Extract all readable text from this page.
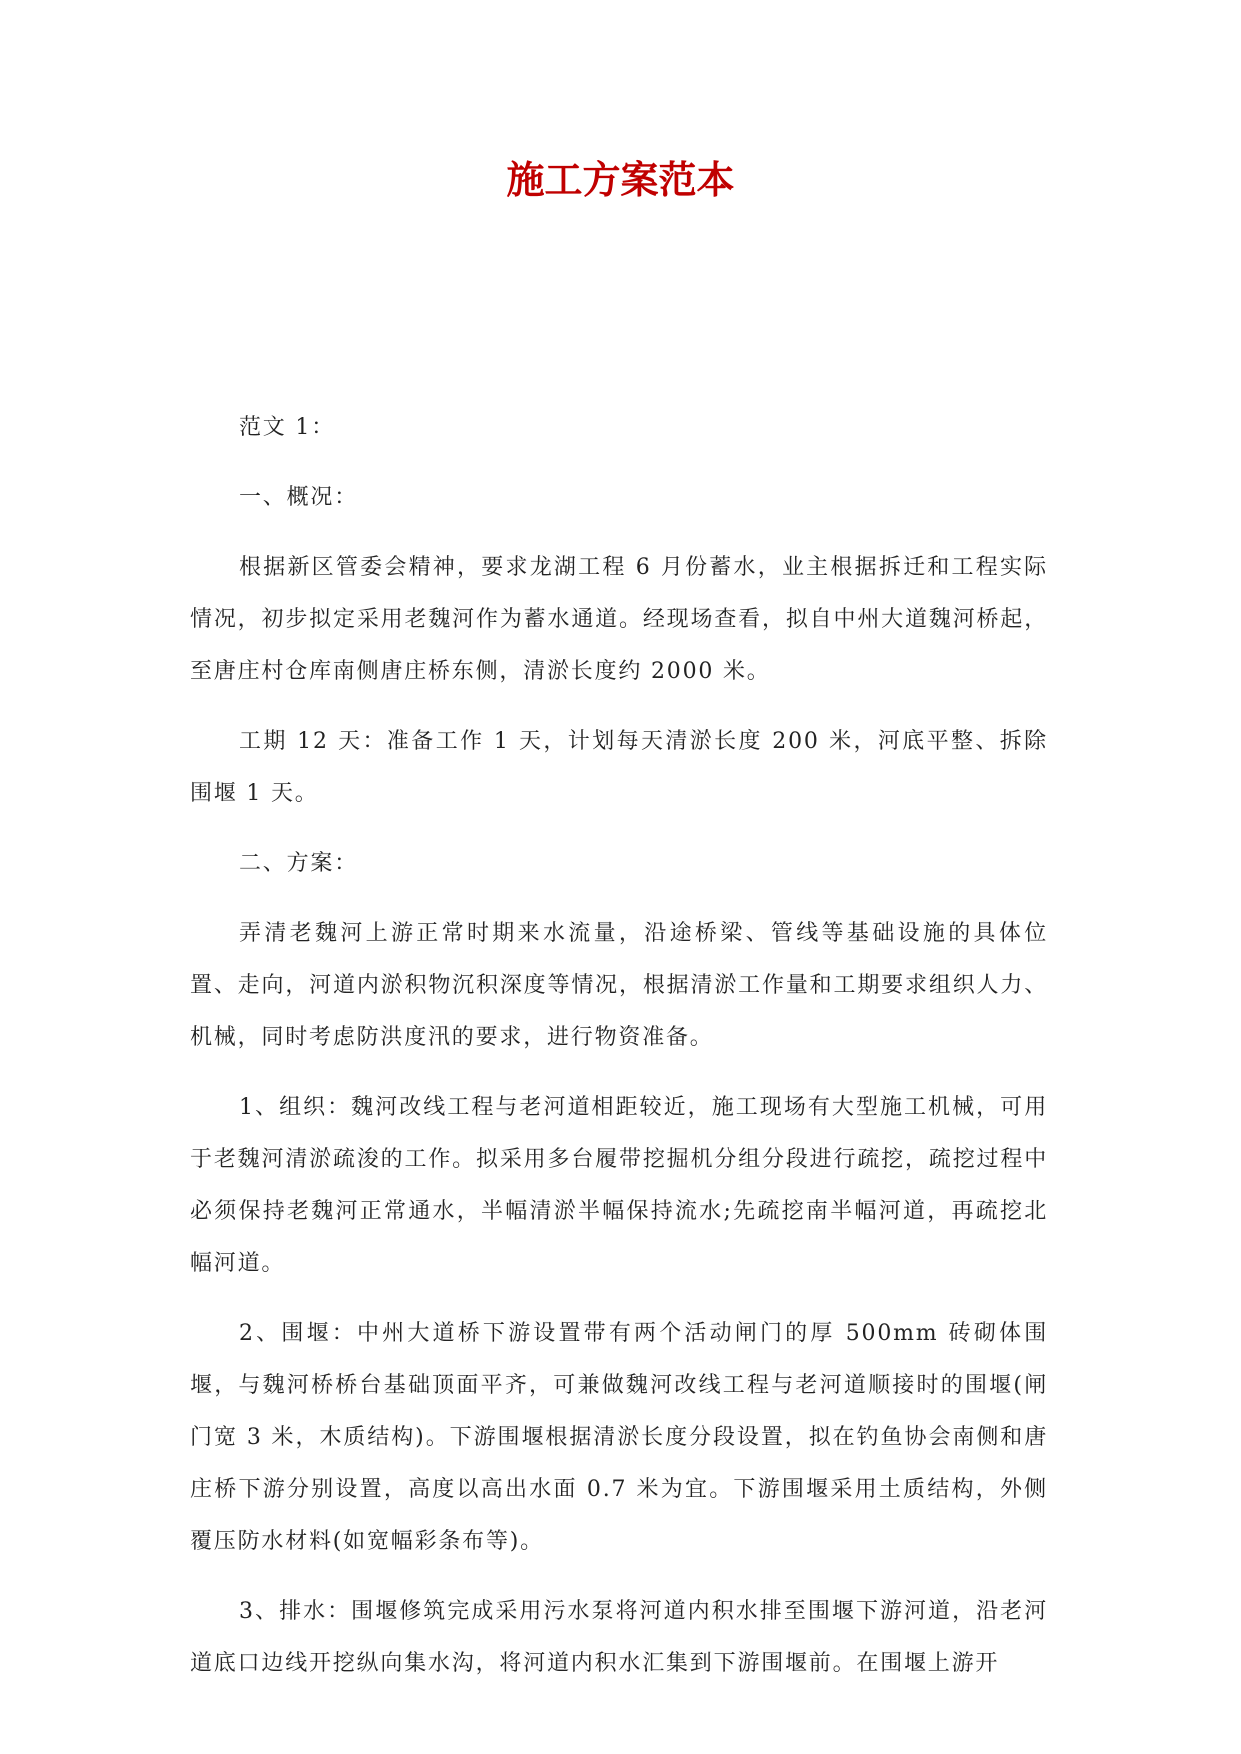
施工方案范本

范文 1：

一、概况：

根据新区管委会精神，要求龙湖工程 6 月份蓄水，业主根据拆迁和工程实际情况，初步拟定采用老魏河作为蓄水通道。经现场查看，拟自中州大道魏河桥起，至唐庄村仓库南侧唐庄桥东侧，清淤长度约 2000 米。

工期 12 天：准备工作 1 天，计划每天清淤长度 200 米，河底平整、拆除围堰 1 天。

二、方案：

弄清老魏河上游正常时期来水流量，沿途桥梁、管线等基础设施的具体位置、走向，河道内淤积物沉积深度等情况，根据清淤工作量和工期要求组织人力、机械，同时考虑防洪度汛的要求，进行物资准备。

1、组织：魏河改线工程与老河道相距较近，施工现场有大型施工机械，可用于老魏河清淤疏浚的工作。拟采用多台履带挖掘机分组分段进行疏挖，疏挖过程中必须保持老魏河正常通水，半幅清淤半幅保持流水;先疏挖南半幅河道，再疏挖北幅河道。

2、围堰：中州大道桥下游设置带有两个活动闸门的厚 500mm 砖砌体围堰，与魏河桥桥台基础顶面平齐，可兼做魏河改线工程与老河道顺接时的围堰(闸门宽 3 米，木质结构)。下游围堰根据清淤长度分段设置，拟在钓鱼协会南侧和唐庄桥下游分别设置，高度以高出水面 0.7 米为宜。下游围堰采用土质结构，外侧覆压防水材料(如宽幅彩条布等)。

3、排水：围堰修筑完成采用污水泵将河道内积水排至围堰下游河道，沿老河道底口边线开挖纵向集水沟，将河道内积水汇集到下游围堰前。在围堰上游开
